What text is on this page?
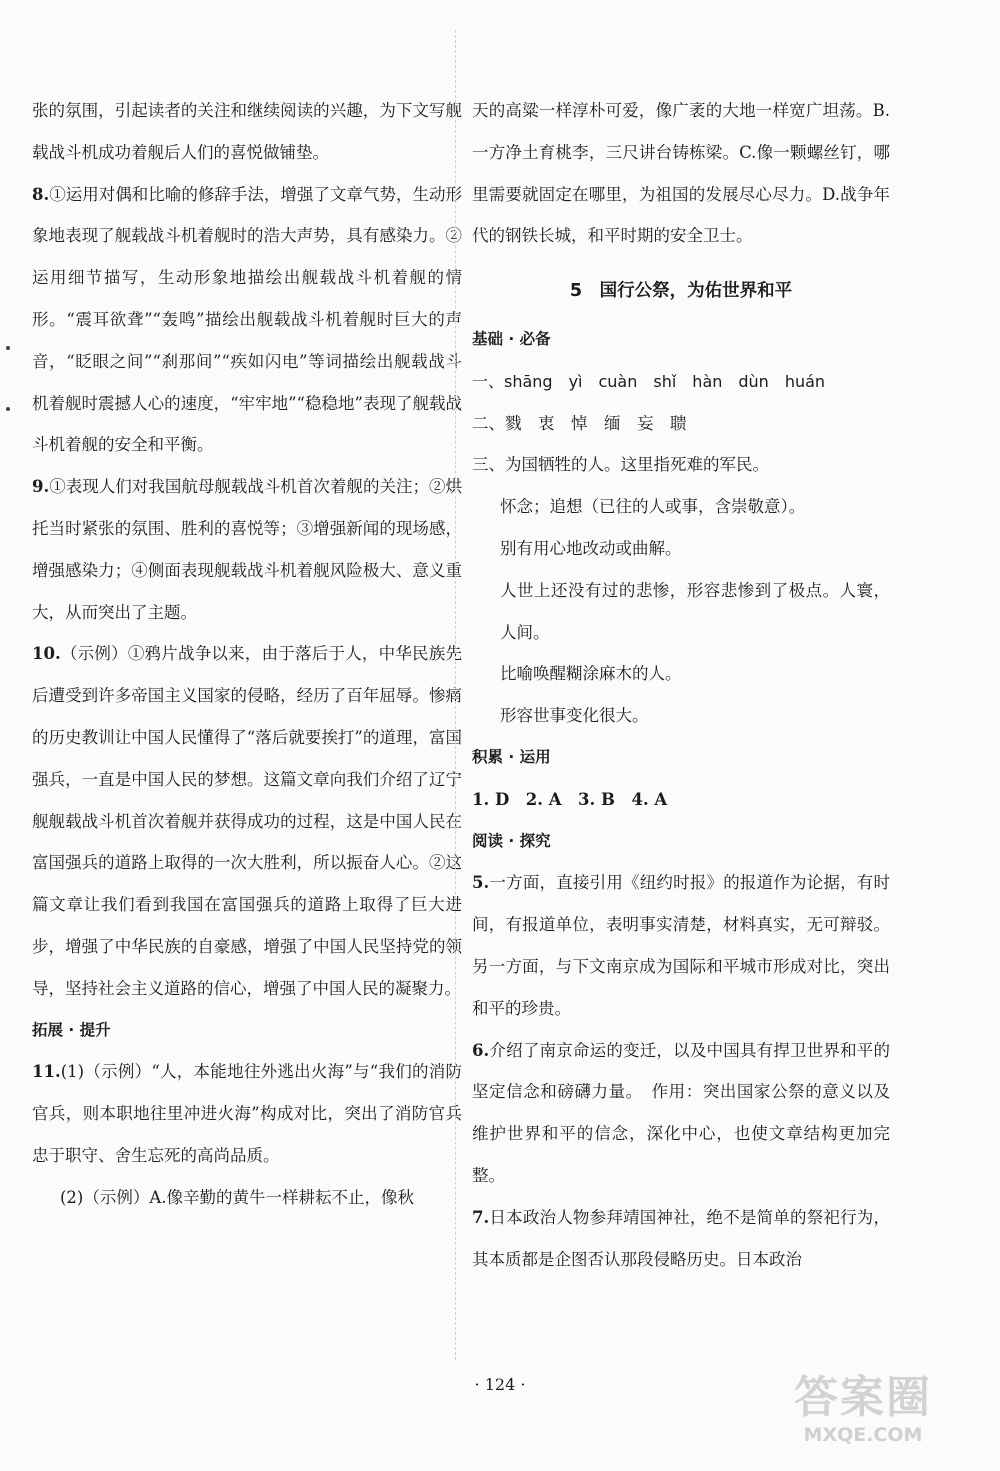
张的氛围，引起读者的关注和继续阅读的兴趣，为下文写舰载战斗机成功着舰后人们的喜悦做铺垫。
8.①运用对偶和比喻的修辞手法，增强了文章气势，生动形象地表现了舰载战斗机着舰时的浩大声势，具有感染力。②运用细节描写，生动形象地描绘出舰载战斗机着舰的情形。“震耳欲聋”“轰鸣”描绘出舰载战斗机着舰时巨大的声音，“眨眼之间”“刹那间”“疾如闪电”等词描绘出舰载战斗机着舰时震撼人心的速度，“牢牢地”“稳稳地”表现了舰载战斗机着舰的安全和平衡。
9.①表现人们对我国航母舰载战斗机首次着舰的关注；②烘托当时紧张的氛围、胜利的喜悦等；③增强新闻的现场感，增强感染力；④侧面表现舰载战斗机着舰风险极大、意义重大，从而突出了主题。
10.（示例）①鸦片战争以来，由于落后于人，中华民族先后遭受到许多帝国主义国家的侵略，经历了百年屈辱。惨痛的历史教训让中国人民懂得了“落后就要挨打”的道理，富国强兵，一直是中国人民的梦想。这篇文章向我们介绍了辽宁舰舰载战斗机首次着舰并获得成功的过程，这是中国人民在富国强兵的道路上取得的一次大胜利，所以振奋人心。②这篇文章让我们看到我国在富国强兵的道路上取得了巨大进步，增强了中华民族的自豪感，增强了中国人民坚持党的领导，坚持社会主义道路的信心，增强了中国人民的凝聚力。
拓展 · 提升
11.(1)（示例）“人，本能地往外逃出火海”与“我们的消防官兵，则本职地往里冲进火海”构成对比，突出了消防官兵忠于职守、舍生忘死的高尚品质。
(2)（示例）A.像辛勤的黄牛一样耕耘不止，像秋
天的高粱一样淳朴可爱，像广袤的大地一样宽广坦荡。B.一方净土育桃李，三尺讲台铸栋梁。C.像一颗螺丝钉，哪里需要就固定在哪里，为祖国的发展尽心尽力。D.战争年代的钢铁长城，和平时期的安全卫士。
5　国行公祭，为佑世界和平
基础 · 必备
一、shāng　yì　cuàn　shǐ　hàn　dùn　huán
二、戮　衷　悼　缅　妄　聩
三、为国牺牲的人。这里指死难的军民。
怀念；追想（已往的人或事，含崇敬意）。
别有用心地改动或曲解。
人世上还没有过的悲惨，形容悲惨到了极点。人寰，人间。
比喻唤醒糊涂麻木的人。
形容世事变化很大。
积累 · 运用
1. D　2. A　3. B　4. A
阅读 · 探究
5.一方面，直接引用《纽约时报》的报道作为论据，有时间，有报道单位，表明事实清楚，材料真实，无可辩驳。另一方面，与下文南京成为国际和平城市形成对比，突出和平的珍贵。
6.介绍了南京命运的变迁，以及中国具有捍卫世界和平的坚定信念和磅礴力量。　作用：突出国家公祭的意义以及维护世界和平的信念，深化中心，也使文章结构更加完整。
7.日本政治人物参拜靖国神社，绝不是简单的祭祀行为，其本质都是企图否认那段侵略历史。日本政治
· 124 ·	答案圈
MXQE.COM
